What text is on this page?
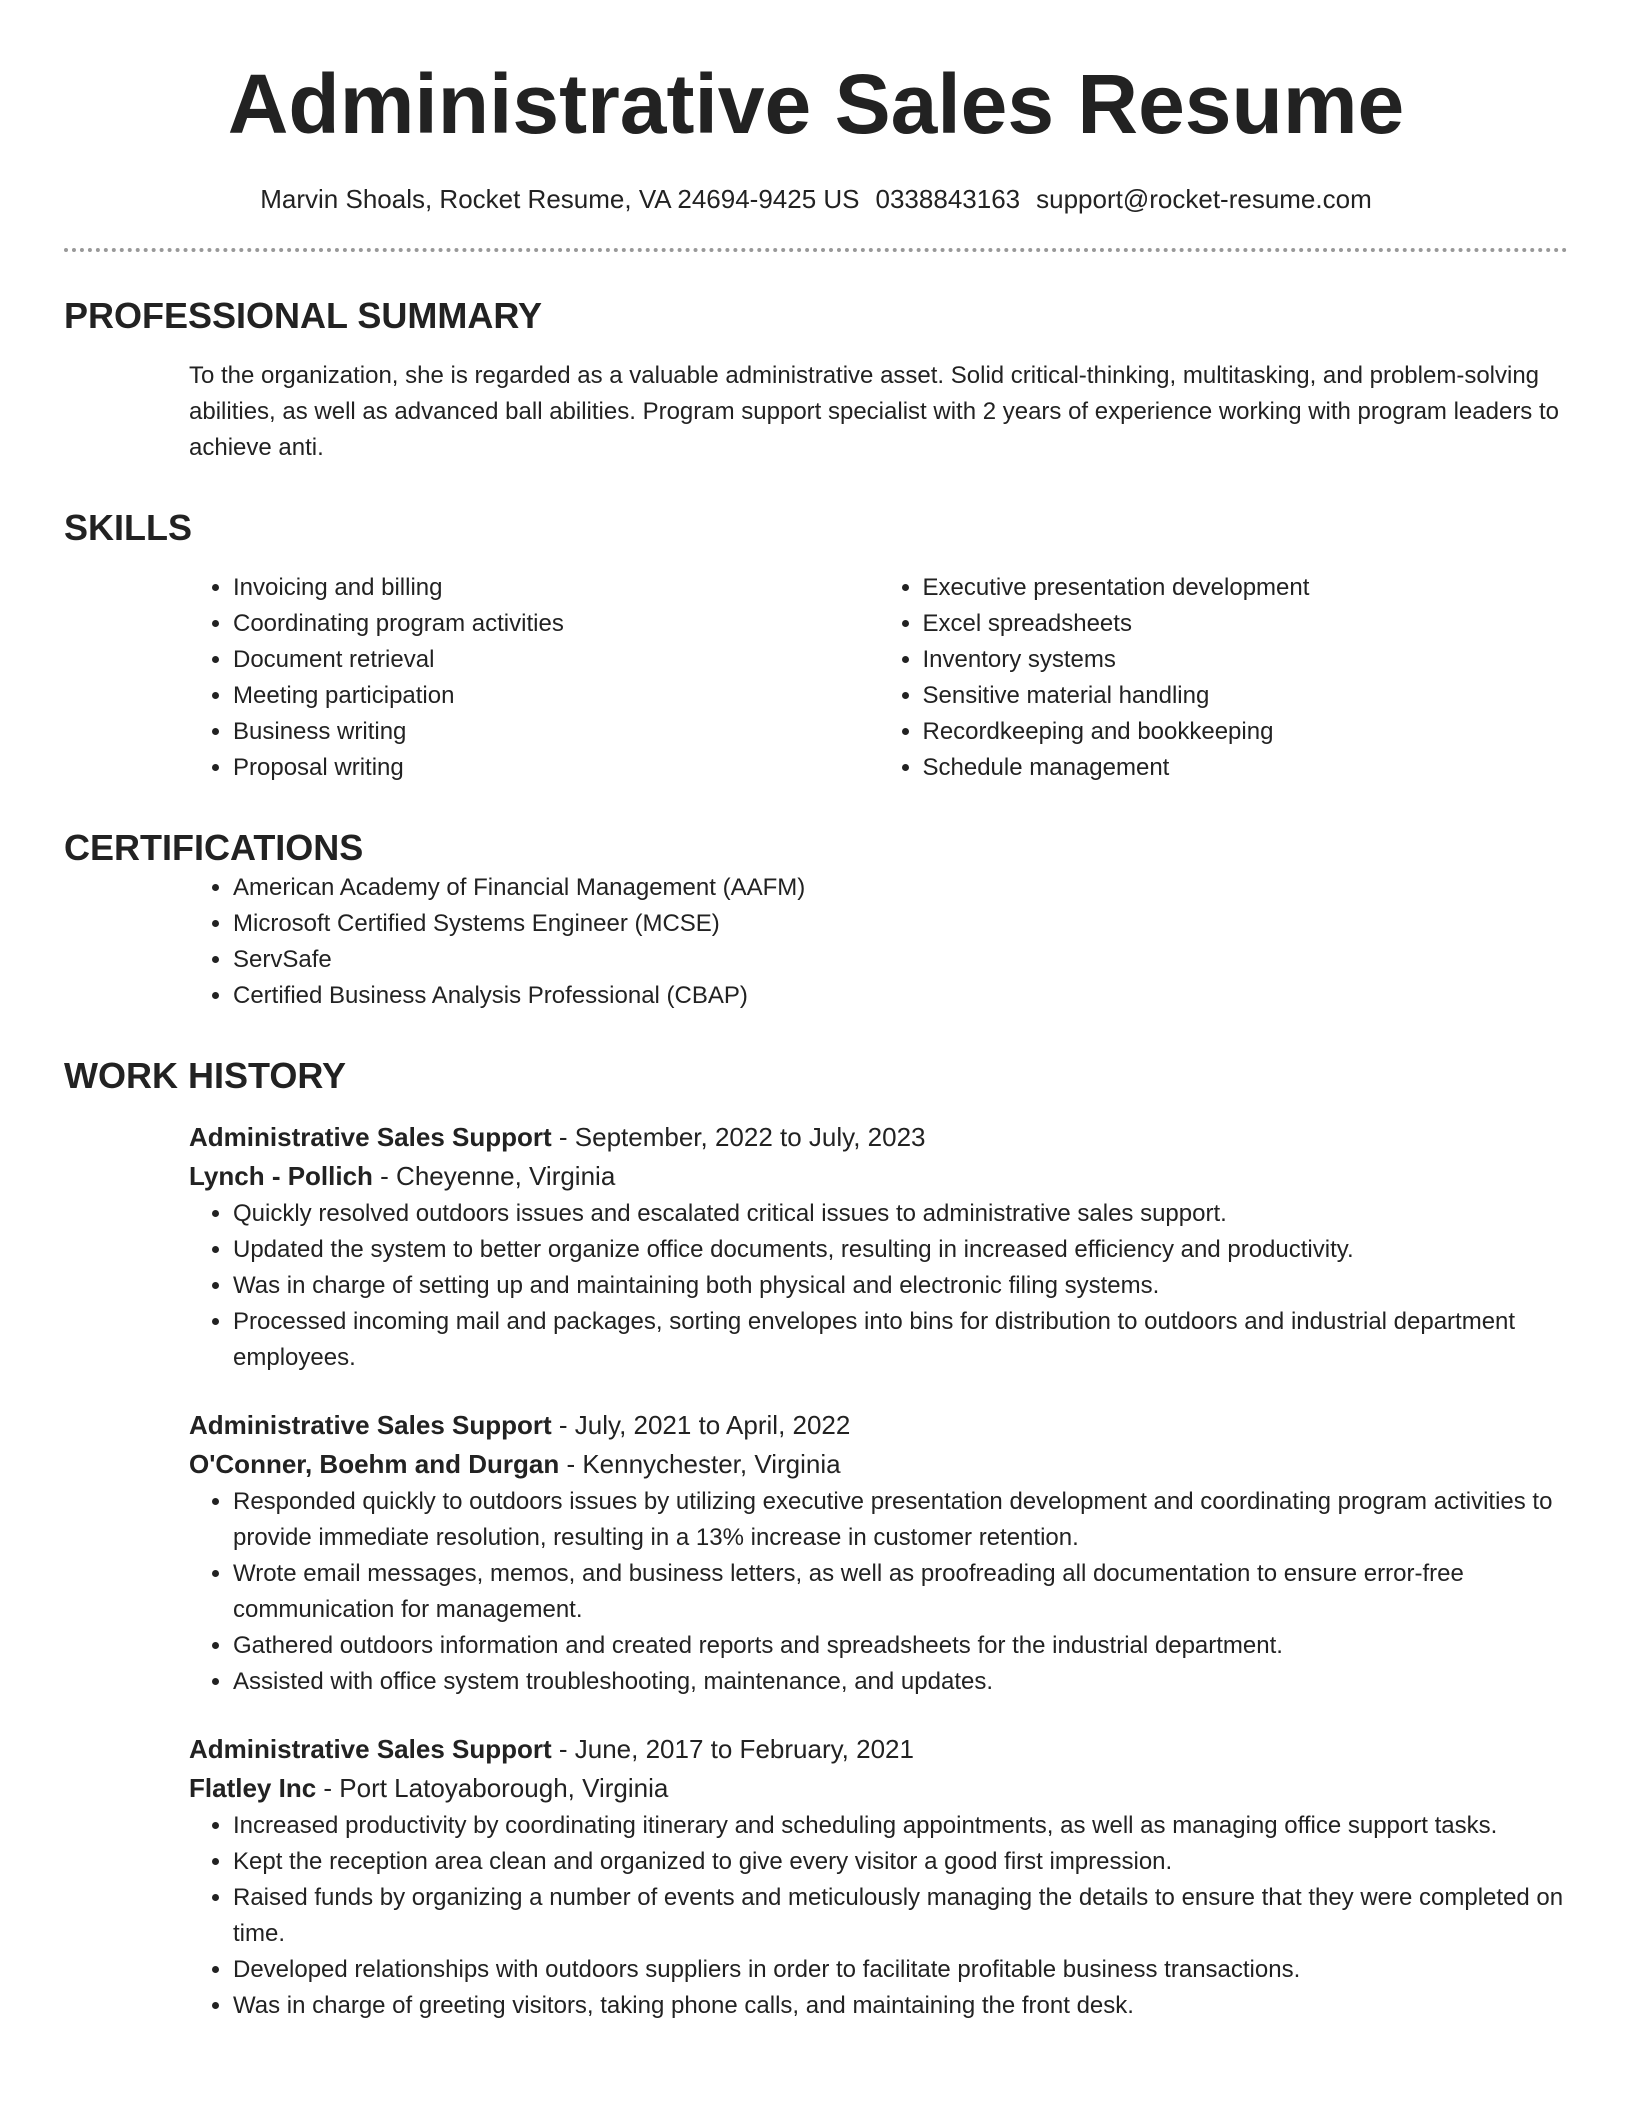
Administrative Sales Resume
Marvin Shoals, Rocket Resume, VA 24694-9425 US 0338843163 support@rocket-resume.com
PROFESSIONAL SUMMARY

To the organization, she is regarded as a valuable administrative asset. Solid critical-thinking, multitasking, and problem-solving abilities, as well as advanced ball abilities. Program support specialist with 2 years of experience working with program leaders to achieve anti.

SKILLS
• Invoicing and billing
• Coordinating program activities
• Document retrieval
• Meeting participation
• Business writing
• Proposal writing
• Executive presentation development
• Excel spreadsheets
• Inventory systems
• Sensitive material handling
• Recordkeeping and bookkeeping
• Schedule management
CERTIFICATIONS
• American Academy of Financial Management (AAFM)
• Microsoft Certified Systems Engineer (MCSE)
• ServSafe
• Certified Business Analysis Professional (CBAP)
WORK HISTORY
Administrative Sales Support - September, 2022 to July, 2023
Lynch - Pollich - Cheyenne, Virginia
• Quickly resolved outdoors issues and escalated critical issues to administrative sales support.
• Updated the system to better organize office documents, resulting in increased efficiency and productivity.
• Was in charge of setting up and maintaining both physical and electronic filing systems.
• Processed incoming mail and packages, sorting envelopes into bins for distribution to outdoors and industrial department employees.
Administrative Sales Support - July, 2021 to April, 2022
O'Conner, Boehm and Durgan - Kennychester, Virginia
• Responded quickly to outdoors issues by utilizing executive presentation development and coordinating program activities to provide immediate resolution, resulting in a 13% increase in customer retention.
• Wrote email messages, memos, and business letters, as well as proofreading all documentation to ensure error-free communication for management.
• Gathered outdoors information and created reports and spreadsheets for the industrial department.
• Assisted with office system troubleshooting, maintenance, and updates.
Administrative Sales Support - June, 2017 to February, 2021
Flatley Inc - Port Latoyaborough, Virginia
• Increased productivity by coordinating itinerary and scheduling appointments, as well as managing office support tasks.
• Kept the reception area clean and organized to give every visitor a good first impression.
• Raised funds by organizing a number of events and meticulously managing the details to ensure that they were completed on time.
• Developed relationships with outdoors suppliers in order to facilitate profitable business transactions.
• Was in charge of greeting visitors, taking phone calls, and maintaining the front desk.
